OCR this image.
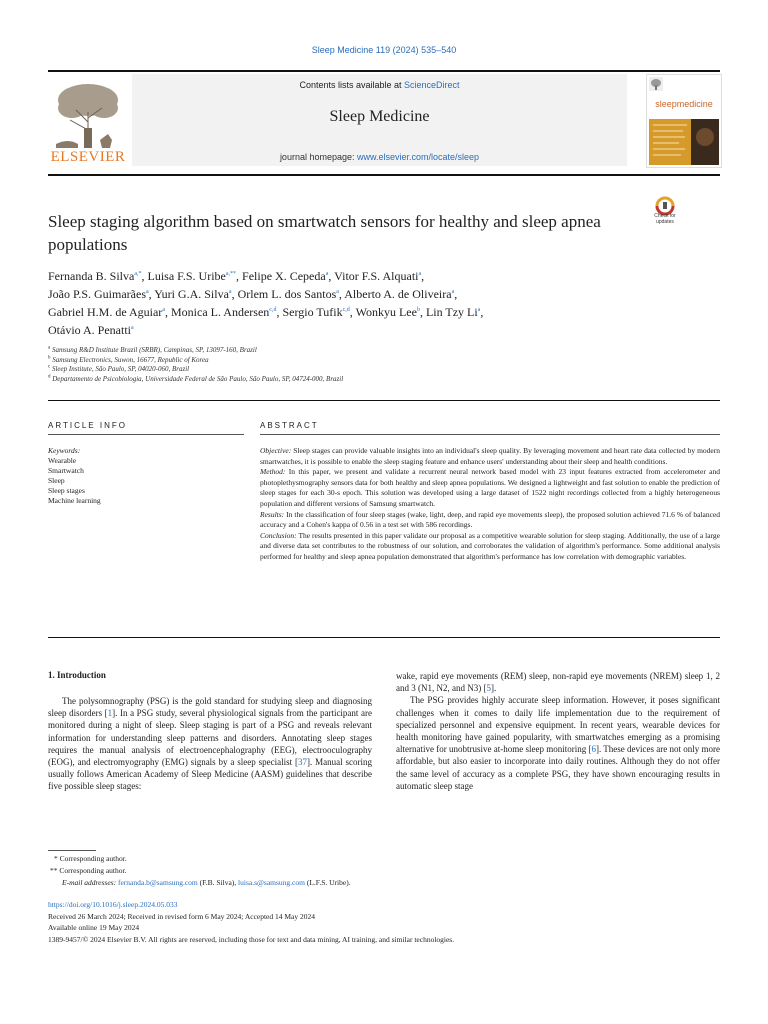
Sleep Medicine 119 (2024) 535–540
ELSEVIER
Contents lists available at ScienceDirect
Sleep Medicine
journal homepage: www.elsevier.com/locate/sleep
sleepmedicine
Sleep staging algorithm based on smartwatch sensors for healthy and sleep apnea populations
Check for
updates
Fernanda B. Silva$^{a,*}$, Luisa F.S. Uribe$^{a,**}$, Felipe X. Cepeda$^a$, Vitor F.S. Alquati$^a$,
João P.S. Guimarães$^a$, Yuri G.A. Silva$^a$, Orlem L. dos Santos$^a$, Alberto A. de Oliveira$^a$,
Gabriel H.M. de Aguiar$^a$, Monica L. Andersen$^{c,d}$, Sergio Tufik$^{c,d}$, Wonkyu Lee$^b$, Lin Tzy Li$^a$,
Otávio A. Penatti$^a$
$^a$ Samsung R&D Institute Brazil (SRBR), Campinas, SP, 13097-160, Brazil
$^b$ Samsung Electronics, Suwon, 16677, Republic of Korea
$^c$ Sleep Institute, São Paulo, SP, 04020-060, Brazil
$^d$ Departamento de Psicobiologia, Universidade Federal de São Paulo, São Paulo, SP, 04724-000, Brazil
ARTICLE INFO	ABSTRACT
Keywords:
Wearable
Smartwatch
Sleep
Sleep stages
Machine learning

Objective: Sleep stages can provide valuable insights into an individual's sleep quality. By leveraging movement and heart rate data collected by modern smartwatches, it is possible to enable the sleep staging feature and enhance users' understanding about their sleep and health conditions.

Method: In this paper, we present and validate a recurrent neural network based model with 23 input features extracted from accelerometer and photoplethysmography sensors data for both healthy and sleep apnea populations. We designed a lightweight and fast solution to enable the prediction of sleep stages for each 30-s epoch. This solution was developed using a large dataset of 1522 night recordings collected from a highly heterogeneous population and different versions of Samsung smartwatch.

Results: In the classification of four sleep stages (wake, light, deep, and rapid eye movements sleep), the proposed solution achieved 71.6 % of balanced accuracy and a Cohen's kappa of 0.56 in a test set with 586 recordings.

Conclusion: The results presented in this paper validate our proposal as a competitive wearable solution for sleep staging. Additionally, the use of a large and diverse data set contributes to the robustness of our solution, and corroborates the validation of algorithm's performance. Some additional analysis performed for healthy and sleep apnea population demonstrated that algorithm's performance has low correlation with demographic variables.

1. Introduction

The polysomnography (PSG) is the gold standard for studying sleep and diagnosing sleep disorders [1]. In a PSG study, several physiological signals from the participant are monitored during a night of sleep. Sleep staging is part of a PSG and reveals relevant information for understanding sleep patterns and disorders. Annotating sleep stages requires the manual analysis of electroencephalography (EEG), electrooculography (EOG), and electromyography (EMG) signals by a sleep specialist [37]. Manual scoring usually follows American Academy of Sleep Medicine (AASM) guidelines that describe five possible sleep stages:

wake, rapid eye movements (REM) sleep, non-rapid eye movements (NREM) sleep 1, 2 and 3 (N1, N2, and N3) [5].

The PSG provides highly accurate sleep information. However, it poses significant challenges when it comes to daily life implementation due to the requirement of specialized personnel and expensive equipment. In recent years, wearable devices for health monitoring have gained popularity, with smartwatches emerging as a promising alternative for unobtrusive at-home sleep monitoring [6]. These devices are not only more affordable, but also easier to incorporate into daily routines. Although they do not offer the same level of accuracy as a complete PSG, they have shown encouraging results in automatic sleep stage

* Corresponding author.
** Corresponding author.
E-mail addresses: fernanda.b@samsung.com (F.B. Silva), luisa.s@samsung.com (L.F.S. Uribe).
https://doi.org/10.1016/j.sleep.2024.05.033
Received 26 March 2024; Received in revised form 6 May 2024; Accepted 14 May 2024
Available online 19 May 2024
1389-9457/© 2024 Elsevier B.V. All rights are reserved, including those for text and data mining, AI training, and similar technologies.
